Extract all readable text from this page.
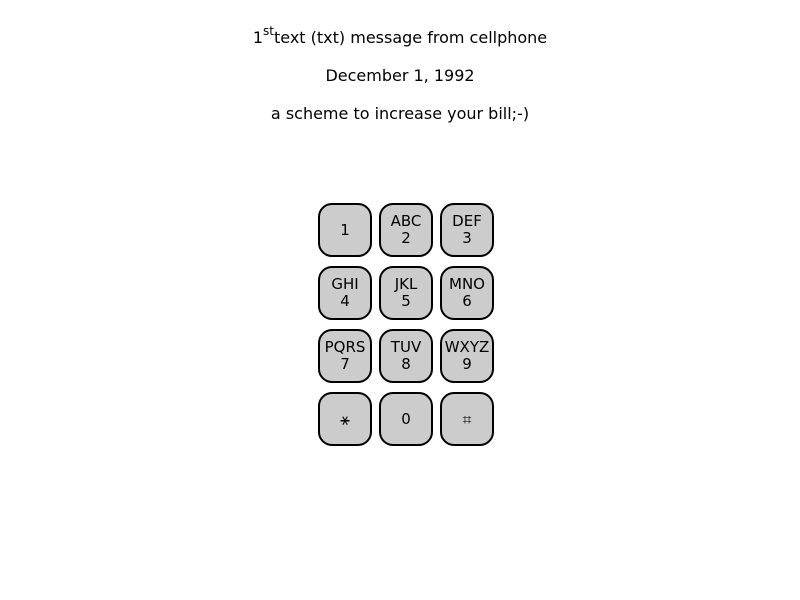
1sttext (txt) message from cellphone
December 1, 1992
a scheme to increase your bill;-)
1	ABC
2
DEF
3
GHI
4
JKL
5
MNO
6
PQRS
7
TUV
8
WXYZ
9
⚹	0	⌗
